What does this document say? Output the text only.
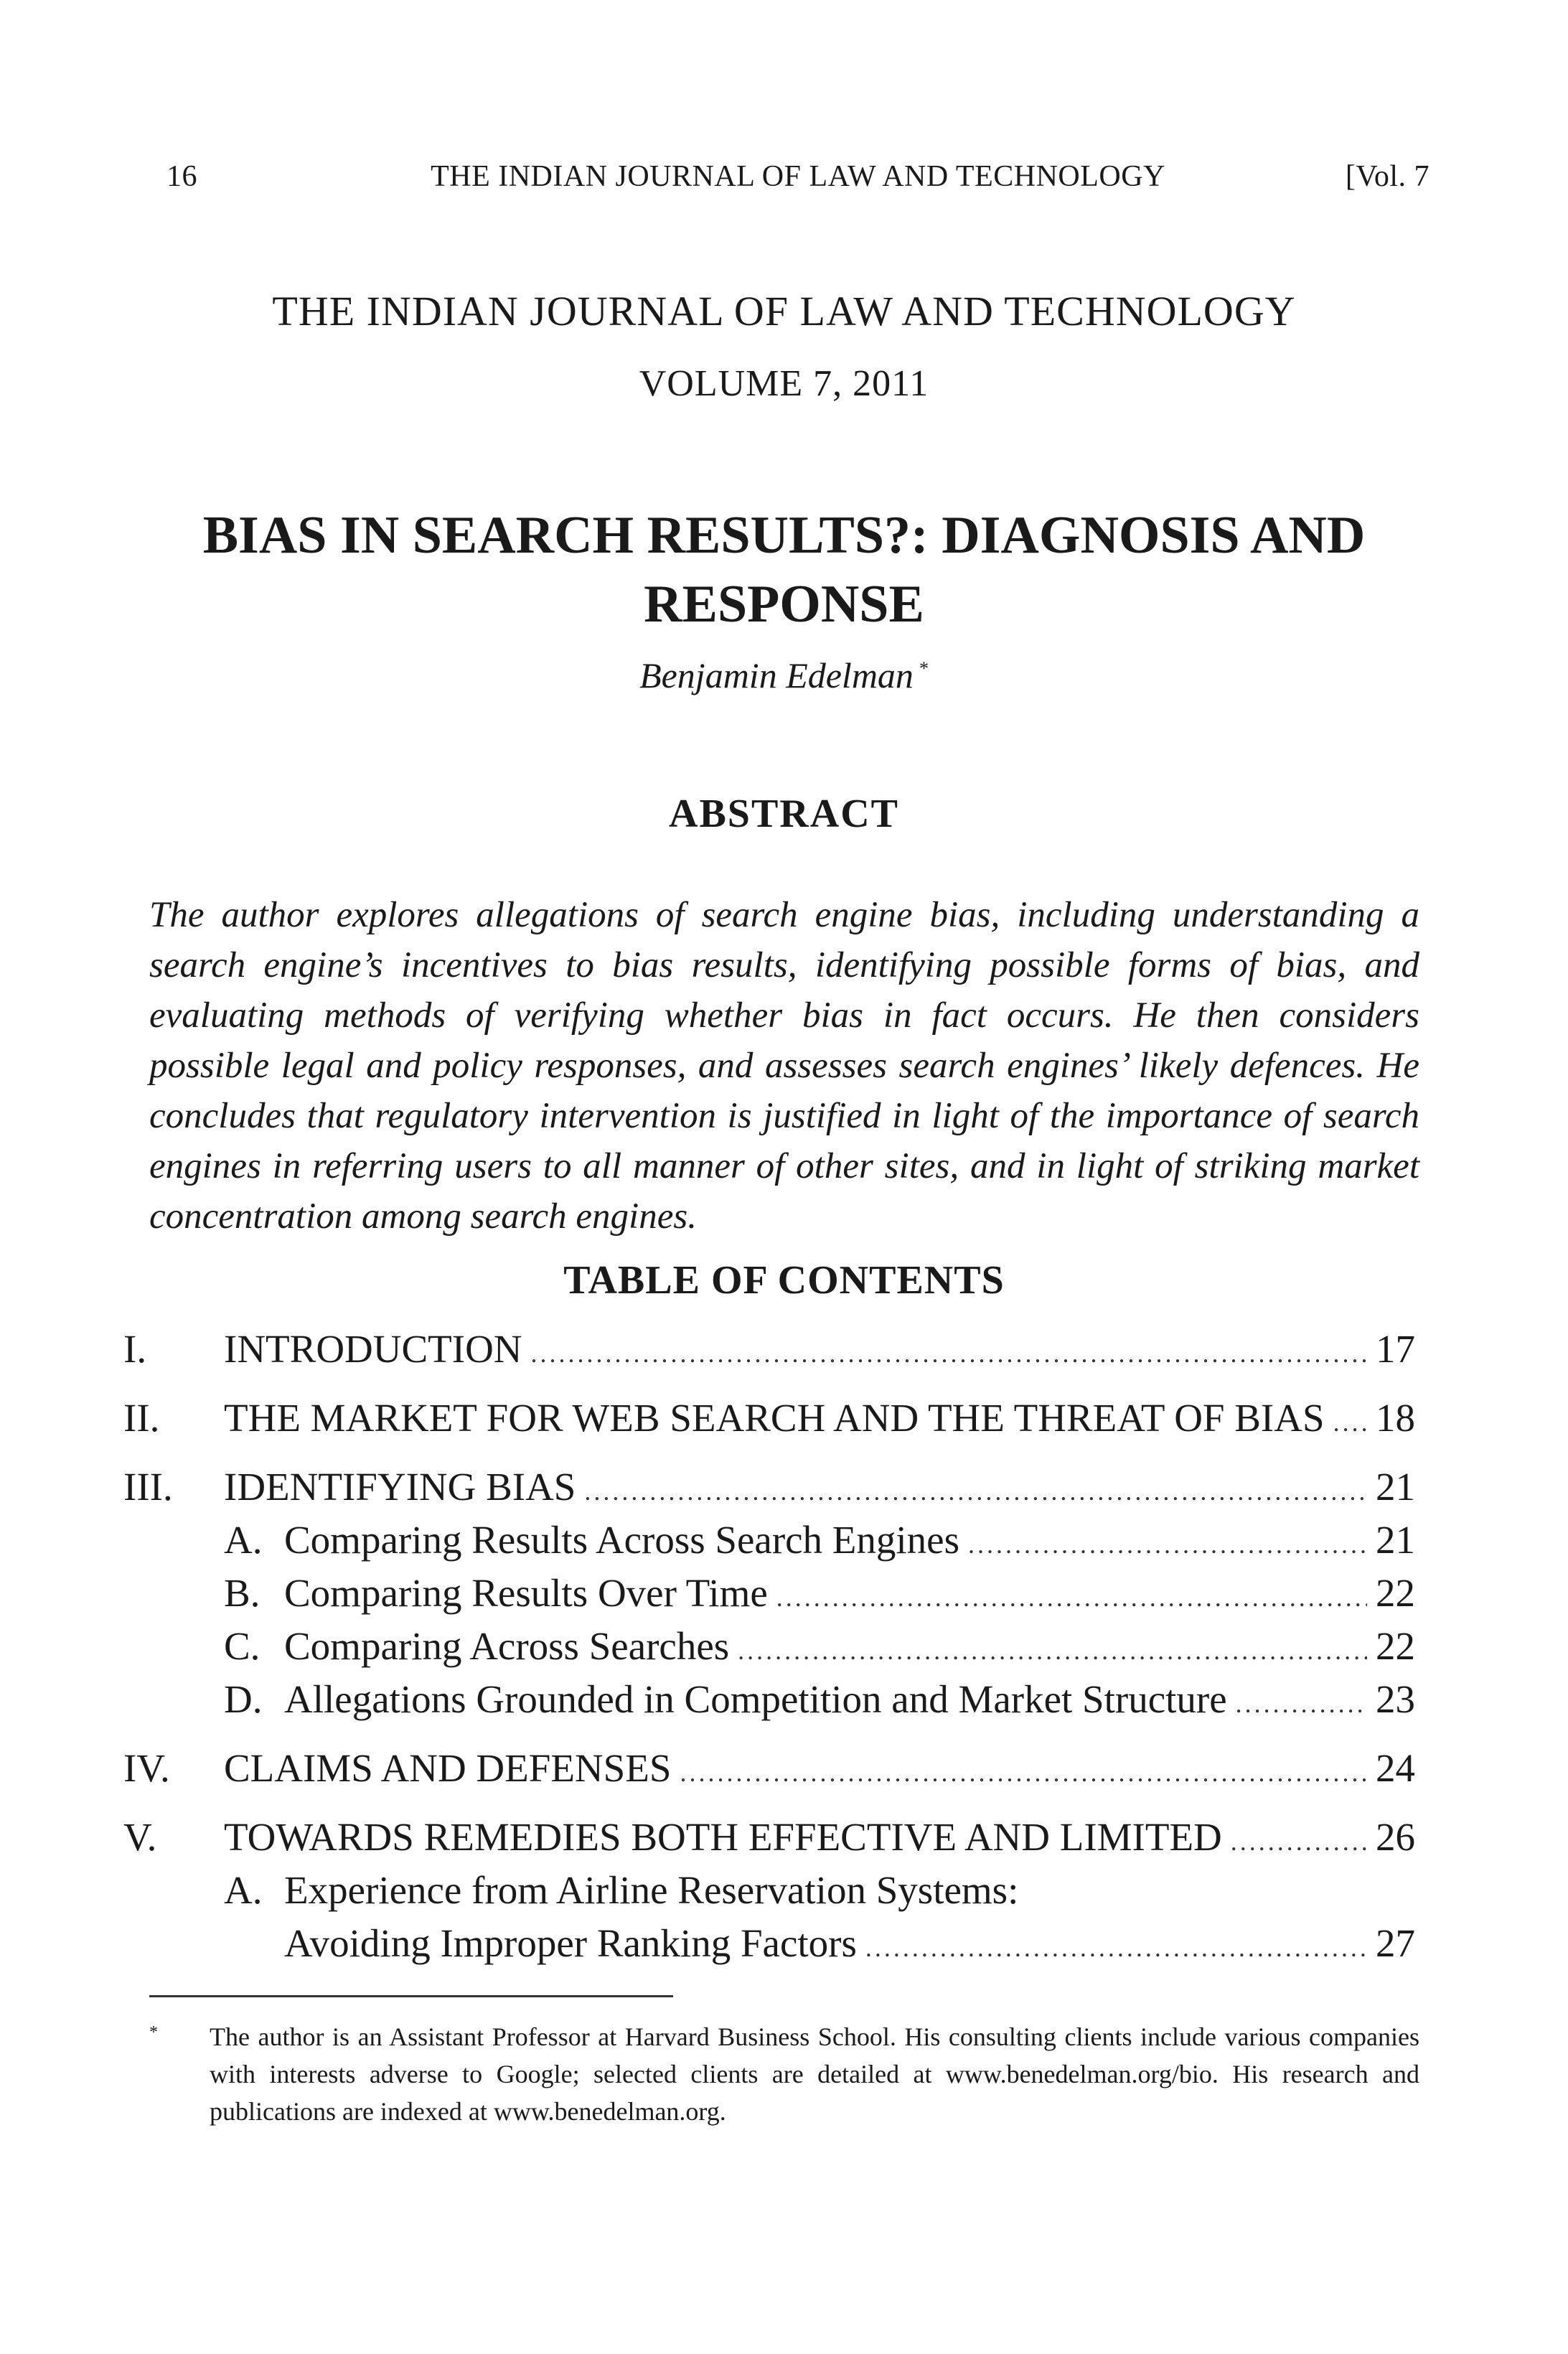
16	THE INDIAN JOURNAL OF LAW AND TECHNOLOGY	[Vol. 7
THE INDIAN JOURNAL OF LAW AND TECHNOLOGY
VOLUME 7, 2011
BIAS IN SEARCH RESULTS?: DIAGNOSIS AND
RESPONSE
Benjamin Edelman *
ABSTRACT
The author explores allegations of search engine bias, including understanding a search engine’s incentives to bias results, identifying possible forms of bias, and evaluating methods of verifying whether bias in fact occurs. He then considers possible legal and policy responses, and assesses search engines’ likely defences. He concludes that regulatory intervention is justified in light of the importance of search engines in referring users to all manner of other sites, and in light of striking market concentration among search engines.
TABLE OF CONTENTS
I.	INTRODUCTION .....	17
II.	THE MARKET FOR WEB SEARCH AND THE THREAT OF BIAS ..... 18
III.	IDENTIFYING BIAS .....	21
A. Comparing Results Across Search Engines .....	21
B. Comparing Results Over Time .....	22
C. Comparing Across Searches .....	22
D. Allegations Grounded in Competition and Market Structure .....	23
IV.	CLAIMS AND DEFENSES .....	24
V.	TOWARDS REMEDIES BOTH EFFECTIVE AND LIMITED .....	26
A. Experience from Airline Reservation Systems:
Avoiding Improper Ranking Factors .....	27
*	The author is an Assistant Professor at Harvard Business School. His consulting clients include various companies with interests adverse to Google; selected clients are detailed at www.benedelman.org/bio. His research and publications are indexed at www.benedelman.org.
